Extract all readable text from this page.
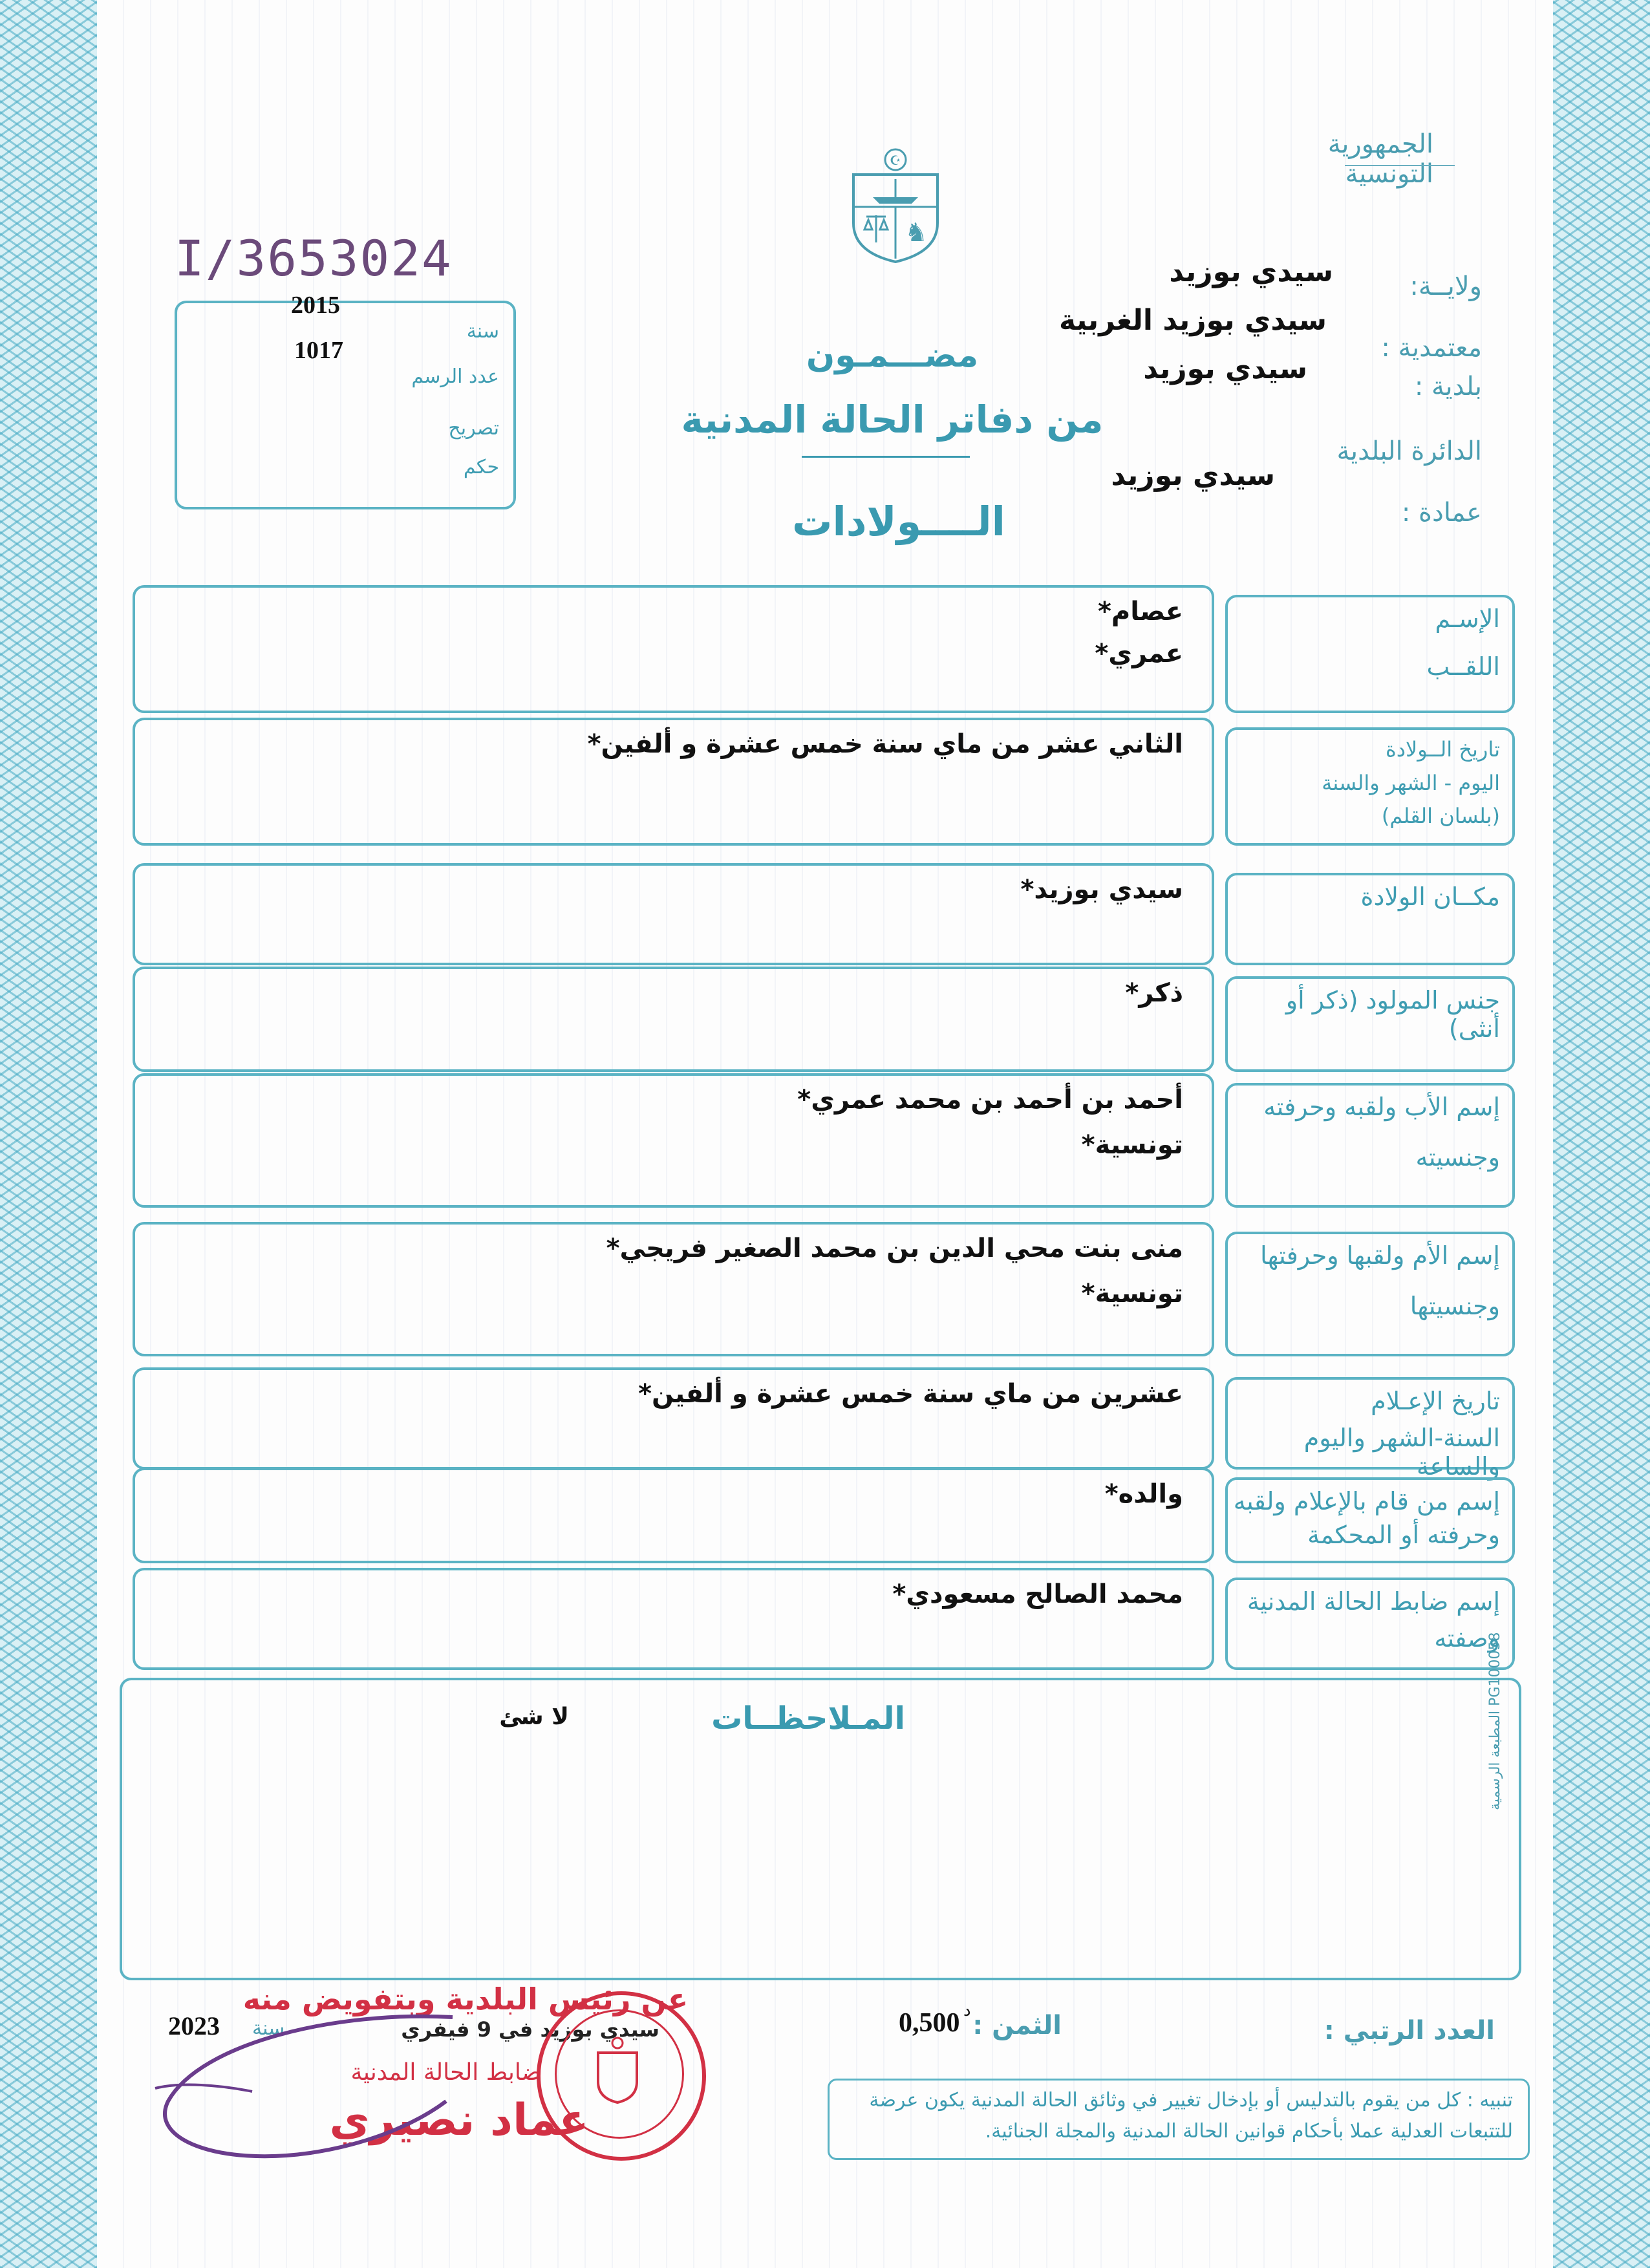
☪
♞
الجمهورية التونسية
I/3653024	ولايــة:
سيدي بوزيد
معتمدية :
سيدي بوزيد الغربية
بلدية :
سيدي بوزيد
الدائرة البلدية
عمادة :
سيدي بوزيد
2015
1017
سنة
عدد الرسم
تصريح
حكم
مضـــمـون
من دفاتر الحالة المدنية
الــــولادات
الإسـم
اللقــب
عصام*
عمري*
تاريخ الــولادة
اليوم - الشهر والسنة
(بلسان القلم)
الثاني عشر من ماي سنة خمس عشرة و ألفين*
مكــان الولادة
سيدي بوزيد*
جنس المولود (ذكر أو أنثى)
ذكر*
إسم الأب ولقبه وحرفته
وجنسيته
أحمد بن أحمد بن محمد عمري*
تونسية*
إسم الأم ولقبها وحرفتها
وجنسيتها
منى بنت محي الدين بن محمد الصغير فريجي*
تونسية*
تاريخ الإعـلام
السنة-الشهر واليوم والساعة
عشرين من ماي سنة خمس عشرة و ألفين*
إسم من قام بالإعلام ولقبه
وحرفته أو المحكمة
والده*
إسم ضابط الحالة المدنية
وصفته
محمد الصالح مسعودي*
المـلاحظــات
لا شئ	المطبعة الرسمية PG100058
العدد الرتبي :
الثمن :
0,500 د
تنبيه : كل من يقوم بالتدليس أو بإدخال تغيير في وثائق الحالة المدنية يكون عرضة للتتبعات العدلية عملا بأحكام قوانين الحالة المدنية والمجلة الجنائية.
سيدي بوزيد في 9 فيفري
سنة
2023
عن رئيس البلدية وبتفويض منه
ضابط الحالة المدنية
عماد نصيري
